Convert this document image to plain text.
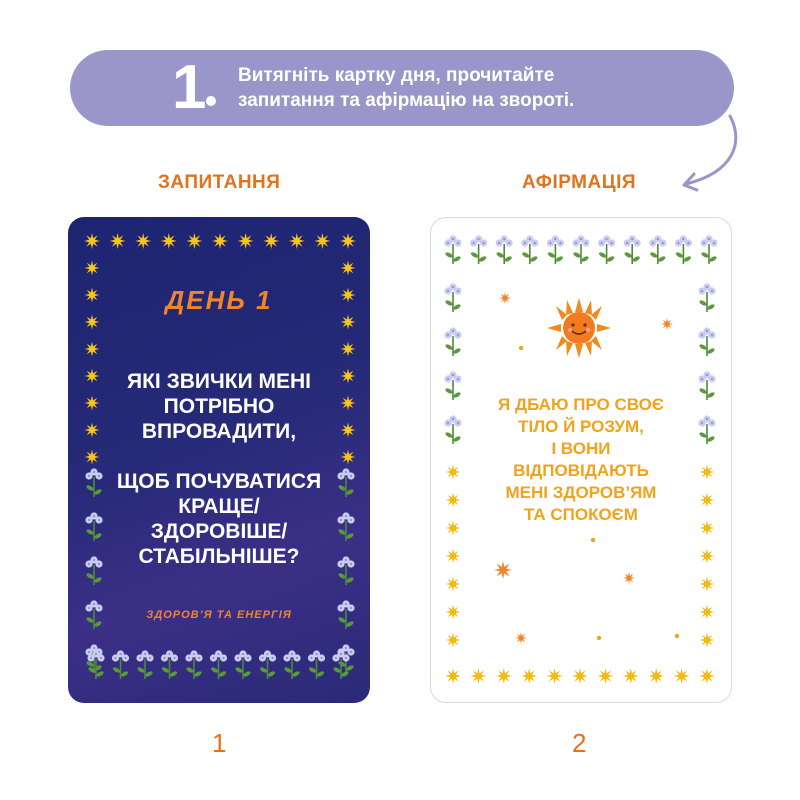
1 Витягніть картку дня, прочитайте
запитання та афірмацію на звороті.
ЗАПИТАННЯ	АФІРМАЦІЯ
ДЕНЬ 1
ЯКІ ЗВИЧКИ МЕНІ
ПОТРІБНО
ВПРОВАДИТИ,

ЩОБ ПОЧУВАТИСЯ
КРАЩЕ/
ЗДОРОВІШЕ/
СТАБІЛЬНІШЕ?
ЗДОРОВ’Я ТА ЕНЕРГІЯ
Я ДБАЮ ПРО СВОЄ
ТІЛО Й РОЗУМ,
І ВОНИ
ВІДПОВІДАЮТЬ
МЕНІ ЗДОРОВ’ЯМ
ТА СПОКОЄМ
1	2
